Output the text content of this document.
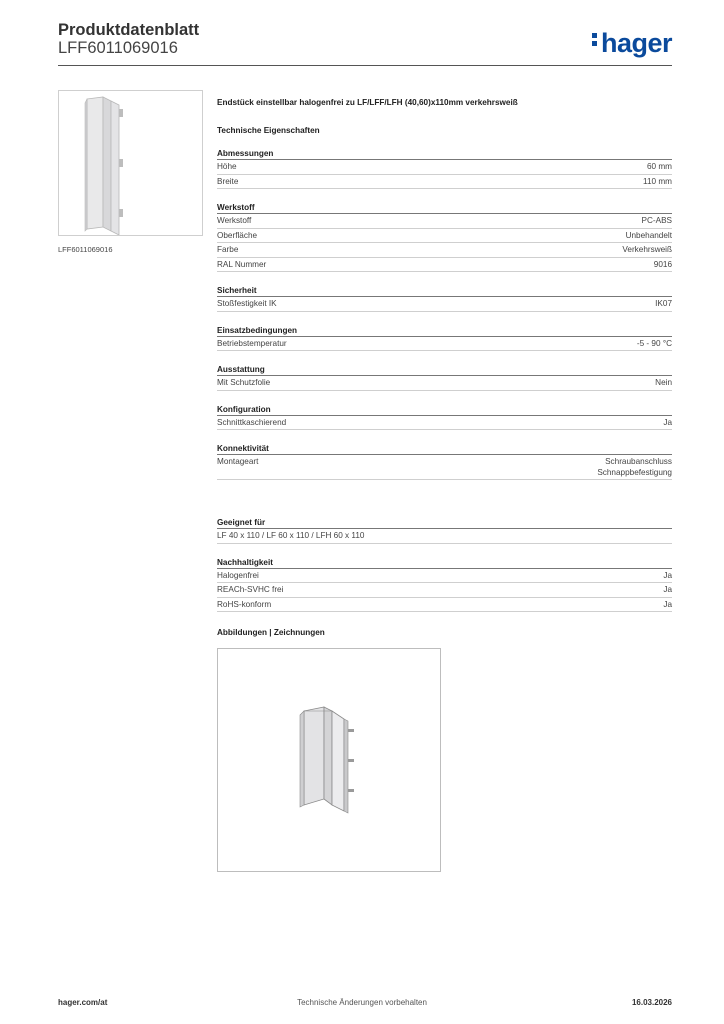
Produktdatenblatt
LFF6011069016	hager
LFF6011069016
Endstück einstellbar halogenfrei zu LF/LFF/LFH (40,60)x110mm verkehrsweiß
Technische Eigenschaften
Abmessungen
Höhe	60 mm
Breite	110 mm
Werkstoff
Werkstoff	PC-ABS
Oberfläche	Unbehandelt
Farbe	Verkehrsweiß
RAL Nummer	9016
Sicherheit
Stoßfestigkeit IK	IK07
Einsatzbedingungen
Betriebstemperatur	-5 - 90 °C
Ausstattung
Mit Schutzfolie	Nein
Konfiguration
Schnittkaschierend	Ja
Konnektivität
Montageart	Schraubanschluss
Schnappbefestigung
Geeignet für
LF 40 x 110 / LF 60 x 110 / LFH 60 x 110
Nachhaltigkeit
Halogenfrei	Ja
REACh-SVHC frei	Ja
RoHS-konform	Ja
Abbildungen | Zeichnungen
hager.com/at	Technische Änderungen vorbehalten	16.03.2026
